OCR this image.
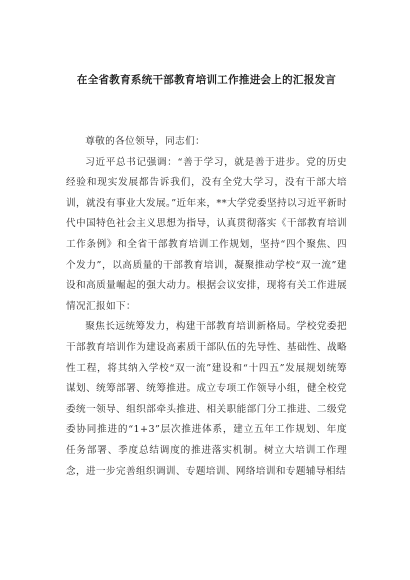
在全省教育系统干部教育培训工作推进会上的汇报发言

尊敬的各位领导，同志们：

习近平总书记强调：“善于学习，就是善于进步。党的历史经验和现实发展都告诉我们，没有全党大学习，没有干部大培训，就没有事业大发展。”近年来，**大学党委坚持以习近平新时代中国特色社会主义思想为指导，认真贯彻落实《干部教育培训工作条例》和全省干部教育培训工作规划，坚持“四个聚焦、四个发力”，以高质量的干部教育培训，凝聚推动学校“双一流”建设和高质量崛起的强大动力。根据会议安排，现将有关工作进展情况汇报如下：

聚焦长远统筹发力，构建干部教育培训新格局。学校党委把干部教育培训作为建设高素质干部队伍的先导性、基础性、战略性工程，将其纳入学校“双一流”建设和“十四五”发展规划统筹谋划、统筹部署、统筹推进。成立专项工作领导小组，健全校党委统一领导、组织部牵头推进、相关职能部门分工推进、二级党委协同推进的“1+3”层次推进体系，建立五年工作规划、年度任务部署、季度总结调度的推进落实机制。树立大培训工作理念，进一步完善组织调训、专题培训、网络培训和专题辅导相结
